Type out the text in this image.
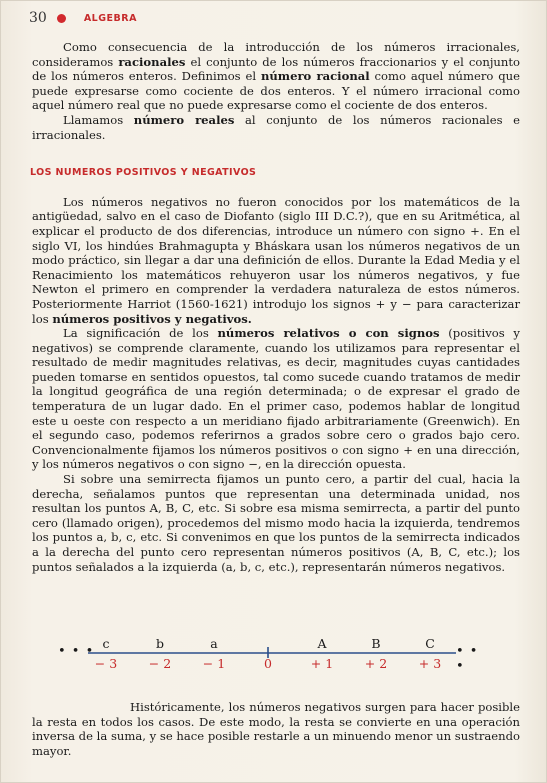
30	ALGEBRA

Como consecuencia de la introducción de los números irracionales, consideramos racionales el conjunto de los números fraccionarios y el conjunto de los números enteros. Definimos el número racional como aquel número que puede expresarse como cociente de dos enteros. Y el número irracional como aquel número real que no puede expresarse como el cociente de dos enteros.

Llamamos número reales al conjunto de los números racionales e irracionales.

LOS NUMEROS POSITIVOS Y NEGATIVOS

Los números negativos no fueron conocidos por los matemáticos de la antigüedad, salvo en el caso de Diofanto (siglo III D.C.?), que en su Aritmética, al explicar el producto de dos diferencias, introduce un número con signo +. En el siglo VI, los hindúes Brahmagupta y Bháskara usan los números negativos de un modo práctico, sin llegar a dar una definición de ellos. Durante la Edad Media y el Renacimiento los matemáticos rehuyeron usar los números negativos, y fue Newton el primero en comprender la verdadera naturaleza de estos números. Posteriormente Harriot (1560-1621) introdujo los signos + y − para caracterizar los números positivos y negativos.

La significación de los números relativos o con signos (positivos y negativos) se comprende claramente, cuando los utilizamos para representar el resultado de medir magnitudes relativas, es decir, magnitudes cuyas cantidades pueden tomarse en sentidos opuestos, tal como sucede cuando tratamos de medir la longitud geográfica de una región determinada; o de expresar el grado de temperatura de un lugar dado. En el primer caso, podemos hablar de longitud este u oeste con respecto a un meridiano fijado arbitrariamente (Greenwich). En el segundo caso, podemos referirnos a grados sobre cero o grados bajo cero. Convencionalmente fijamos los números positivos o con signo + en una dirección, y los números negativos o con signo −, en la dirección opuesta.

Si sobre una semirrecta fijamos un punto cero, a partir del cual, hacia la derecha, señalamos puntos que representan una determinada unidad, nos resultan los puntos A, B, C, etc. Si sobre esa misma semirrecta, a partir del punto cero (llamado origen), procedemos del mismo modo hacia la izquierda, tendremos los puntos a, b, c, etc. Si convenimos en que los puntos de la semirrecta indicados a la derecha del punto cero representan números positivos (A, B, C, etc.); los puntos señalados a la izquierda (a, b, c, etc.), representarán números negativos.

• • •	• • •
c
− 3
b
− 2
a
− 1	0
A
+ 1
B
+ 2
C
+ 3

Históricamente, los números negativos surgen para hacer posible la resta en todos los casos. De este modo, la resta se convierte en una operación inversa de la suma, y se hace posible restarle a un minuendo menor un sustraendo mayor.
